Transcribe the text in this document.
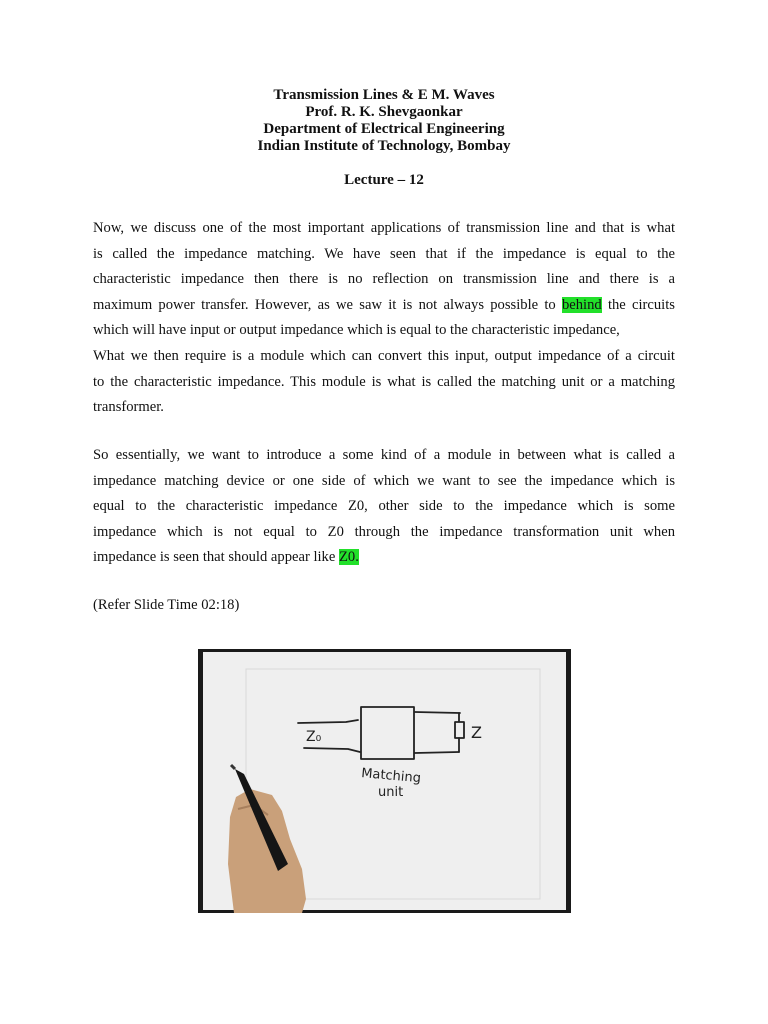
Transmission Lines & E M. Waves
Prof. R. K. Shevgaonkar
Department of Electrical Engineering
Indian Institute of Technology, Bombay
Lecture – 12
Now, we discuss one of the most important applications of transmission line and that is what
is called the impedance matching. We have seen that if the impedance is equal to the
characteristic impedance then there is no reflection on transmission line and there is a
maximum power transfer. However, as we saw it is not always possible to behind the circuits
which will have input or output impedance which is equal to the characteristic impedance,
What we then require is a module which can convert this input, output impedance of a circuit
to the characteristic impedance. This module is what is called the matching unit or a matching
transformer.
So essentially, we want to introduce a some kind of a module in between what is called a
impedance matching device or one side of which we want to see the impedance which is
equal to the characteristic impedance Z0, other side to the impedance which is some
impedance which is not equal to Z0 through the impedance transformation unit when
impedance is seen that should appear like Z0.
(Refer Slide Time 02:18)
Z₀	Z
Matching
unit
